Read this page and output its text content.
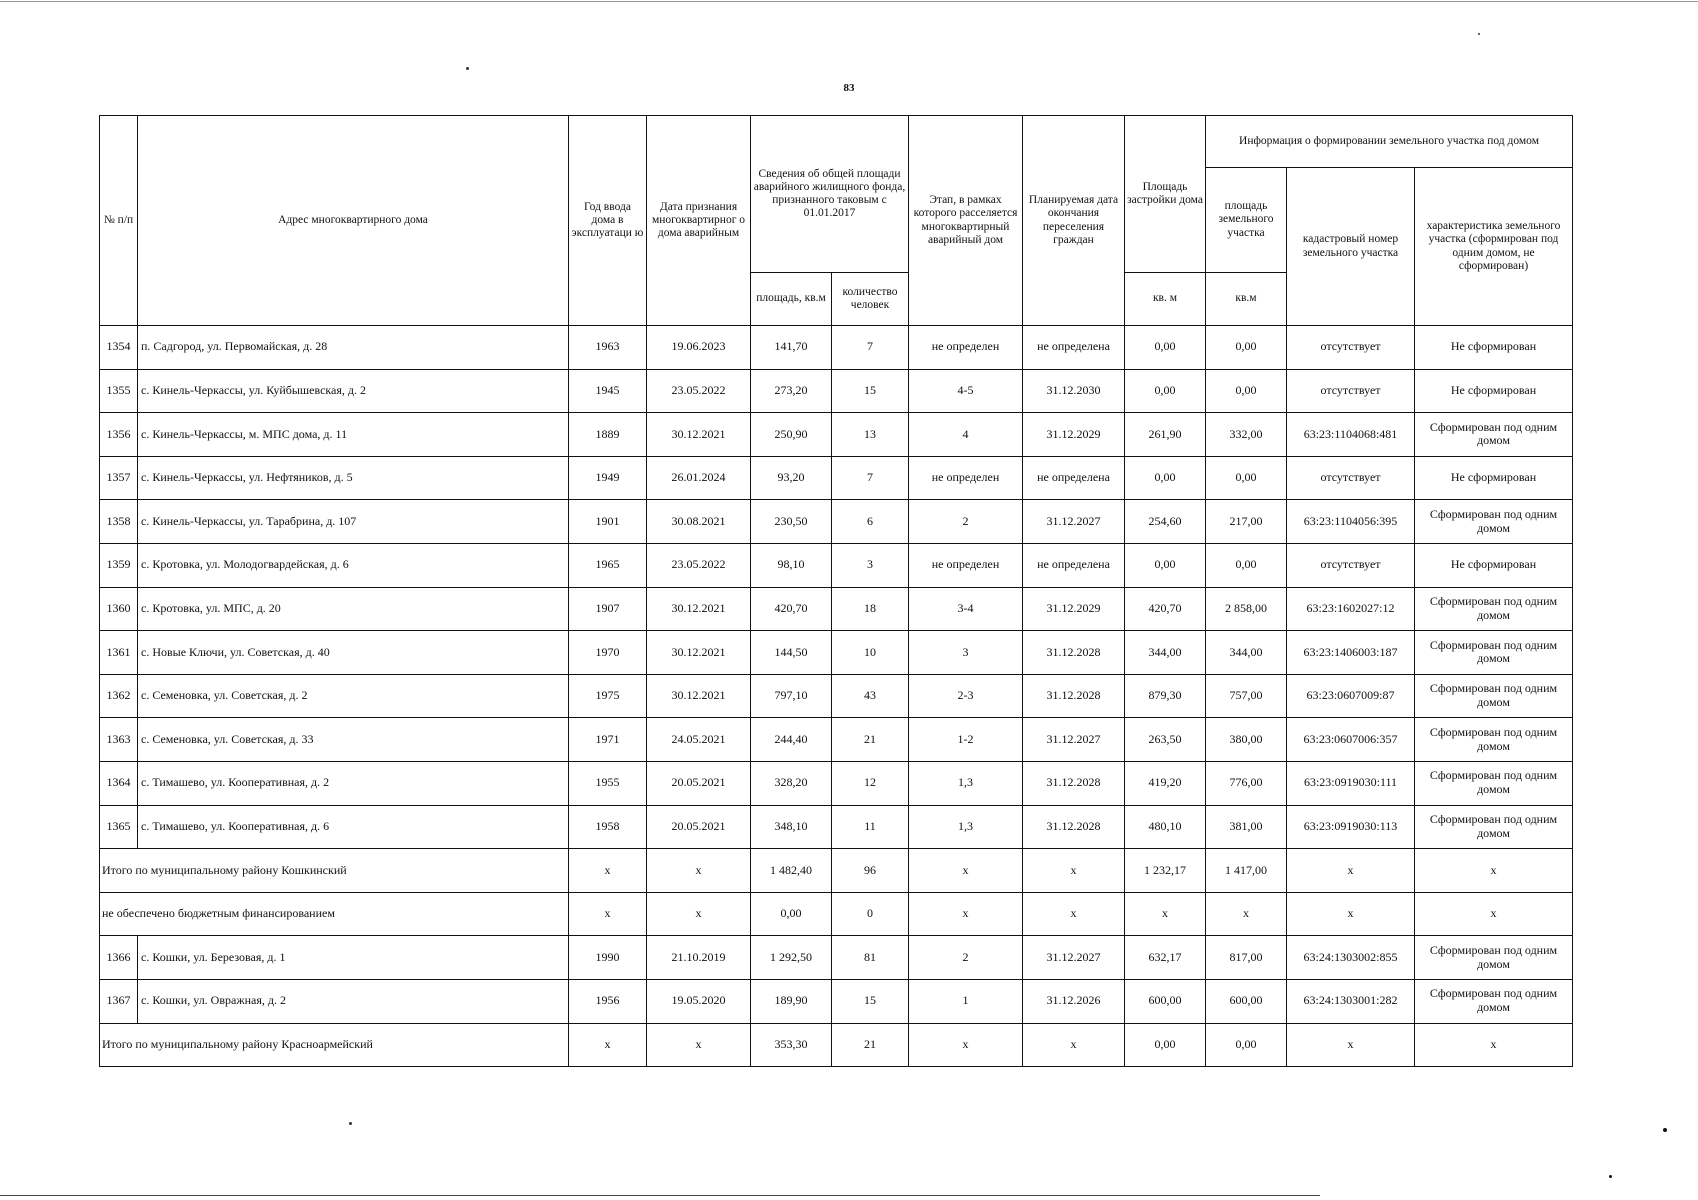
83
№ п/п	Адрес многоквартирного дома	Год ввода дома в эксплуатаци ю	Дата признания многоквартирног о дома аварийным	Сведения об общей площади аварийного жилищного фонда, признанного таковым с 01.01.2017		Этап, в рамках которого расселяется многоквартирный аварийный дом	Планируемая дата окончания переселения граждан	Площадь застройки дома	Информация о формировании земельного участка под домом		
									площадь земельного участка	кадастровый номер земельного участка	характеристика земельного участка (сформирован под одним домом, не сформирован)
				площадь, кв.м	количество человек			кв. м	кв.м		
1354	п. Садгород, ул. Первомайская, д. 28	1963	19.06.2023	141,70	7	не определен	не определена	0,00	0,00	отсутствует	Не сформирован
1355	с. Кинель-Черкассы, ул. Куйбышевская, д. 2	1945	23.05.2022	273,20	15	4-5	31.12.2030	0,00	0,00	отсутствует	Не сформирован
1356	с. Кинель-Черкассы, м. МПС дома, д. 11	1889	30.12.2021	250,90	13	4	31.12.2029	261,90	332,00	63:23:1104068:481	Сформирован под одним домом
1357	с. Кинель-Черкассы, ул. Нефтяников, д. 5	1949	26.01.2024	93,20	7	не определен	не определена	0,00	0,00	отсутствует	Не сформирован
1358	с. Кинель-Черкассы, ул. Тарабрина, д. 107	1901	30.08.2021	230,50	6	2	31.12.2027	254,60	217,00	63:23:1104056:395	Сформирован под одним домом
1359	с. Кротовка, ул. Молодогвардейская, д. 6	1965	23.05.2022	98,10	3	не определен	не определена	0,00	0,00	отсутствует	Не сформирован
1360	с. Кротовка, ул. МПС, д. 20	1907	30.12.2021	420,70	18	3-4	31.12.2029	420,70	2 858,00	63:23:1602027:12	Сформирован под одним домом
1361	с. Новые Ключи, ул. Советская, д. 40	1970	30.12.2021	144,50	10	3	31.12.2028	344,00	344,00	63:23:1406003:187	Сформирован под одним домом
1362	с. Семеновка, ул. Советская, д. 2	1975	30.12.2021	797,10	43	2-3	31.12.2028	879,30	757,00	63:23:0607009:87	Сформирован под одним домом
1363	с. Семеновка, ул. Советская, д. 33	1971	24.05.2021	244,40	21	1-2	31.12.2027	263,50	380,00	63:23:0607006:357	Сформирован под одним домом
1364	с. Тимашево, ул. Кооперативная, д. 2	1955	20.05.2021	328,20	12	1,3	31.12.2028	419,20	776,00	63:23:0919030:111	Сформирован под одним домом
1365	с. Тимашево, ул. Кооперативная, д. 6	1958	20.05.2021	348,10	11	1,3	31.12.2028	480,10	381,00	63:23:0919030:113	Сформирован под одним домом
Итого по муниципальному району Кошкинский		x	x	1 482,40	96	x	x	1 232,17	1 417,00	x	x
не обеспечено бюджетным финансированием		x	x	0,00	0	x	x	x	x	x	x
1366	с. Кошки, ул. Березовая, д. 1	1990	21.10.2019	1 292,50	81	2	31.12.2027	632,17	817,00	63:24:1303002:855	Сформирован под одним домом
1367	с. Кошки, ул. Овражная, д. 2	1956	19.05.2020	189,90	15	1	31.12.2026	600,00	600,00	63:24:1303001:282	Сформирован под одним домом
Итого по муниципальному району Красноармейский		x	x	353,30	21	x	x	0,00	0,00	x	x
